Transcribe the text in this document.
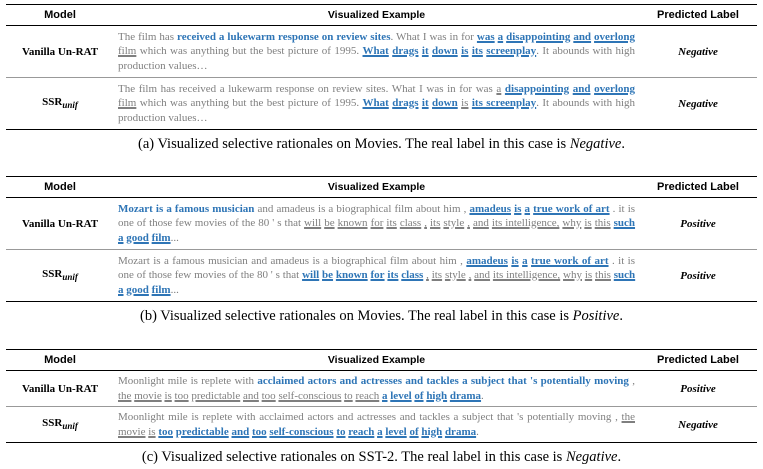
Model	Visualized Example	Predicted Label
Vanilla Un-RAT	The film has received a lukewarm response on review sites. What I was in for was a disappointing and overlong film which was anything but the best picture of 1995. What drags it down is its screenplay. It abounds with high production values…	Negative
$SSR_{unif}$	The film has received a lukewarm response on review sites. What I was in for was a disappointing and overlong film which was anything but the best picture of 1995. What drags it down is its screenplay. It abounds with high production values…	Negative
(a) Visualized selective rationales on Movies. The real label in this case is Negative.
Model	Visualized Example	Predicted Label
Vanilla Un-RAT	Mozart is a famous musician and amadeus is a biographical film about him , amadeus is a true work of art . it is one of those few movies of the 80 ' s that will be known for its class , its style , and its intelligence, why is this such a good film...	Positive
$SSR_{unif}$	Mozart is a famous musician and amadeus is a biographical film about him , amadeus is a true work of art . it is one of those few movies of the 80 ' s that will be known for its class , its style , and its intelligence, why is this such a good film...	Positive
(b) Visualized selective rationales on Movies. The real label in this case is Positive.
Model	Visualized Example	Predicted Label
Vanilla Un-RAT	Moonlight mile is replete with acclaimed actors and actresses and tackles a subject that 's potentially moving , the movie is too predictable and too self-conscious to reach a level of high drama.	Positive
$SSR_{unif}$	Moonlight mile is replete with acclaimed actors and actresses and tackles a subject that 's potentially moving , the movie is too predictable and too self-conscious to reach a level of high drama.	Negative
(c) Visualized selective rationales on SST-2. The real label in this case is Negative.
